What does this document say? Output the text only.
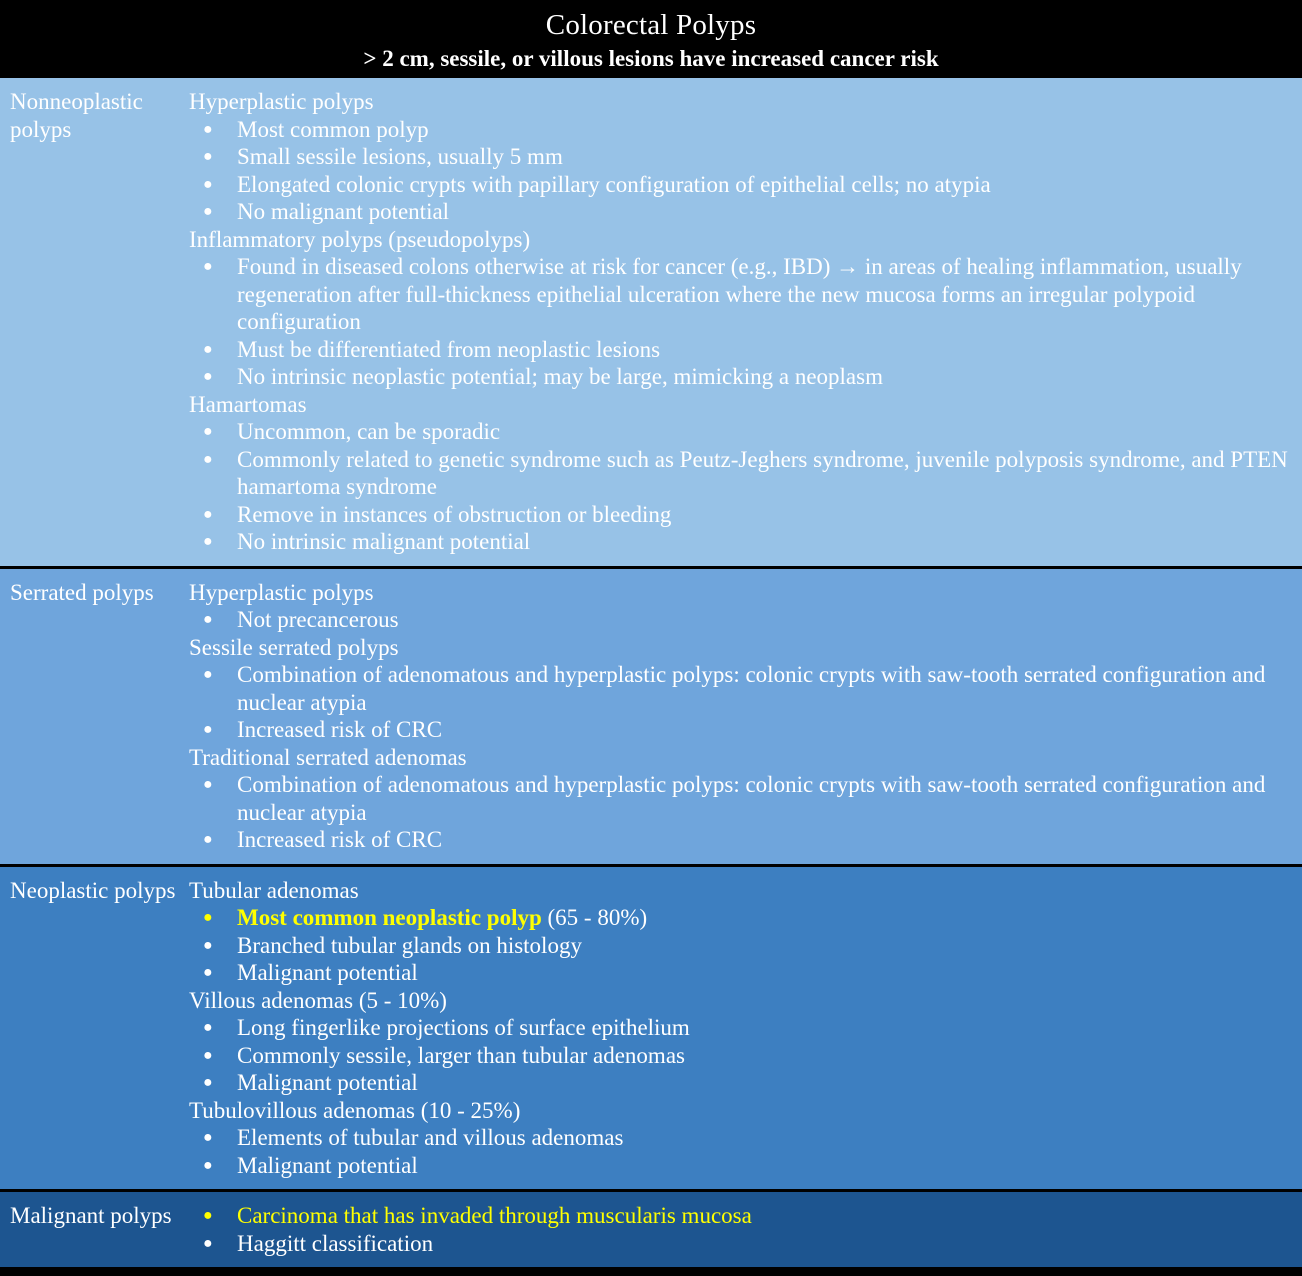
Colorectal Polyps
> 2 cm, sessile, or villous lesions have increased cancer risk
Nonneoplastic polyps
Hyperplastic polyps
● Most common polyp
● Small sessile lesions, usually 5 mm
● Elongated colonic crypts with papillary configuration of epithelial cells; no atypia
● No malignant potential
Inflammatory polyps (pseudopolyps)
● Found in diseased colons otherwise at risk for cancer (e.g., IBD) → in areas of healing inflammation, usually regeneration after full-thickness epithelial ulceration where the new mucosa forms an irregular polypoid configuration
● Must be differentiated from neoplastic lesions
● No intrinsic neoplastic potential; may be large, mimicking a neoplasm
Hamartomas
● Uncommon, can be sporadic
● Commonly related to genetic syndrome such as Peutz-Jeghers syndrome, juvenile polyposis syndrome, and PTEN hamartoma syndrome
● Remove in instances of obstruction or bleeding
● No intrinsic malignant potential
Serrated polyps	Hyperplastic polyps
● Not precancerous
Sessile serrated polyps
● Combination of adenomatous and hyperplastic polyps: colonic crypts with saw-tooth serrated configuration and nuclear atypia
● Increased risk of CRC
Traditional serrated adenomas
● Combination of adenomatous and hyperplastic polyps: colonic crypts with saw-tooth serrated configuration and nuclear atypia
● Increased risk of CRC
Neoplastic polyps Tubular adenomas
● Most common neoplastic polyp (65 - 80%)
● Branched tubular glands on histology
● Malignant potential
Villous adenomas (5 - 10%)
● Long fingerlike projections of surface epithelium
● Commonly sessile, larger than tubular adenomas
● Malignant potential
Tubulovillous adenomas (10 - 25%)
● Elements of tubular and villous adenomas
● Malignant potential
Malignant polyps	● Carcinoma that has invaded through muscularis mucosa
● Haggitt classification
